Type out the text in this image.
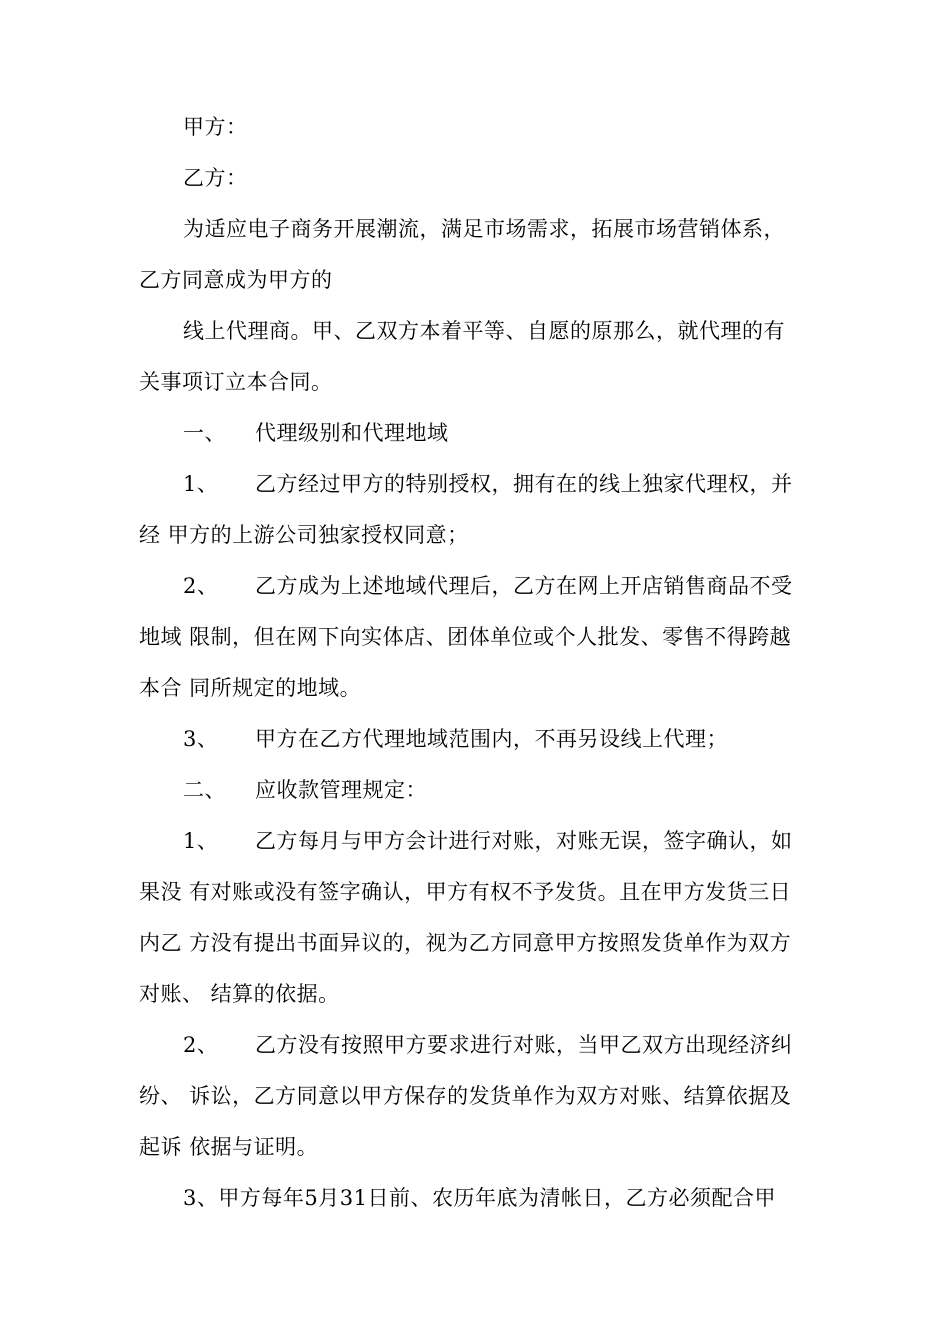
甲方：
乙方：
为适应电子商务开展潮流，满足市场需求，拓展市场营销体系，
乙方同意成为甲方的
线上代理商。甲、乙双方本着平等、自愿的原那么，就代理的有
关事项订立本合同。
一、 代理级别和代理地域
1、 乙方经过甲方的特别授权，拥有在的线上独家代理权，并
经 甲方的上游公司独家授权同意；
2、 乙方成为上述地域代理后，乙方在网上开店销售商品不受
地域 限制，但在网下向实体店、团体单位或个人批发、零售不得跨越
本合 同所规定的地域。
3、 甲方在乙方代理地域范围内，不再另设线上代理；
二、 应收款管理规定：
1、 乙方每月与甲方会计进行对账，对账无误，签字确认，如
果没 有对账或没有签字确认，甲方有权不予发货。且在甲方发货三日
内乙 方没有提出书面异议的，视为乙方同意甲方按照发货单作为双方
对账、 结算的依据。
2、 乙方没有按照甲方要求进行对账，当甲乙双方出现经济纠
纷、 诉讼，乙方同意以甲方保存的发货单作为双方对账、结算依据及
起诉 依据与证明。
3、甲方每年5月31日前、农历年底为清帐日，乙方必须配合甲
